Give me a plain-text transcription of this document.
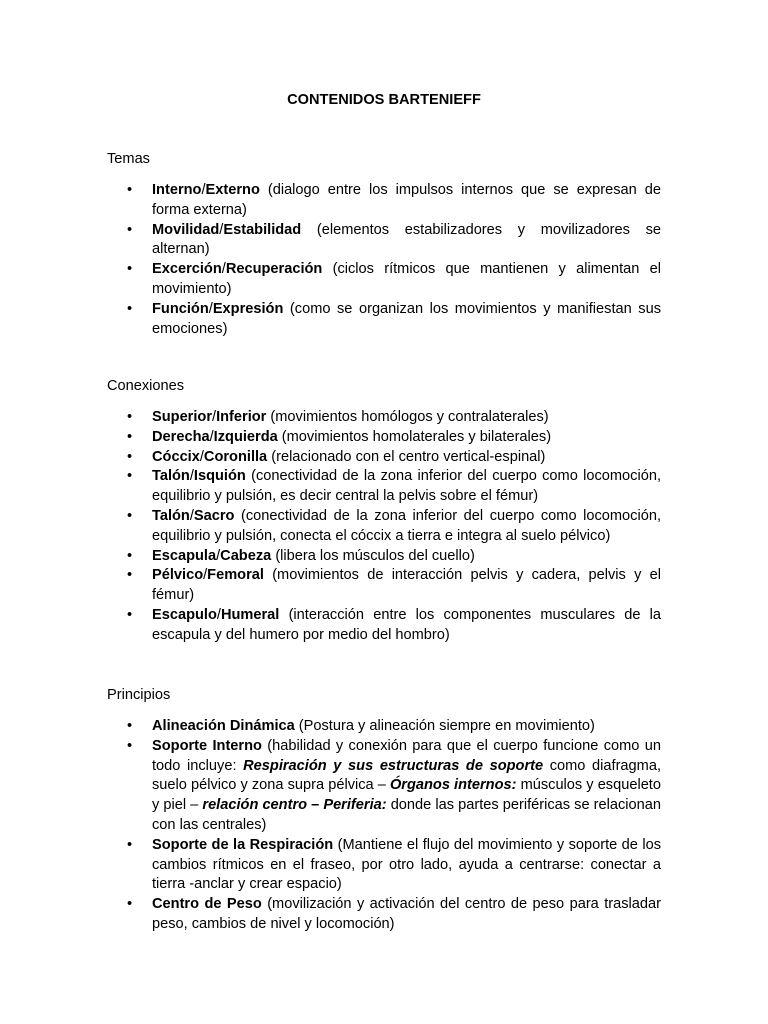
CONTENIDOS BARTENIEFF
Temas
• Interno/Externo (dialogo entre los impulsos internos que se expresan de forma externa)
• Movilidad/Estabilidad (elementos estabilizadores y movilizadores se alternan)
• Excerción/Recuperación (ciclos rítmicos que mantienen y alimentan el movimiento)
• Función/Expresión (como se organizan los movimientos y manifiestan sus emociones)
Conexiones
• Superior/Inferior (movimientos homólogos y contralaterales)
• Derecha/Izquierda (movimientos homolaterales y bilaterales)
• Cóccix/Coronilla (relacionado con el centro vertical-espinal)
• Talón/Isquión (conectividad de la zona inferior del cuerpo como locomoción, equilibrio y pulsión, es decir central la pelvis sobre el fémur)
• Talón/Sacro (conectividad de la zona inferior del cuerpo como locomoción, equilibrio y pulsión, conecta el cóccix a tierra e integra al suelo pélvico)
• Escapula/Cabeza (libera los músculos del cuello)
• Pélvico/Femoral (movimientos de interacción pelvis y cadera, pelvis y el fémur)
• Escapulo/Humeral (interacción entre los componentes musculares de la escapula y del humero por medio del hombro)
Principios
• Alineación Dinámica (Postura y alineación siempre en movimiento)
• Soporte Interno (habilidad y conexión para que el cuerpo funcione como un todo incluye: Respiración y sus estructuras de soporte como diafragma, suelo pélvico y zona supra pélvica – Órganos internos: músculos y esqueleto y piel – relación centro – Periferia: donde las partes periféricas se relacionan con las centrales)
• Soporte de la Respiración (Mantiene el flujo del movimiento y soporte de los cambios rítmicos en el fraseo, por otro lado, ayuda a centrarse: conectar a tierra -anclar y crear espacio)
• Centro de Peso (movilización y activación del centro de peso para trasladar peso, cambios de nivel y locomoción)
